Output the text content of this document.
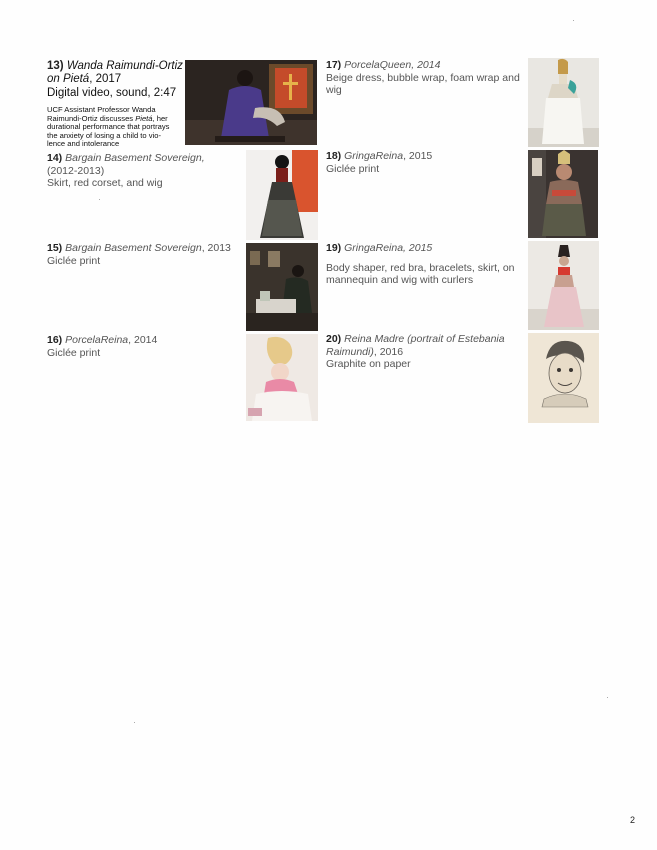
13) Wanda Raimundi-Ortiz on Pietá, 2017
Digital video, sound, 2:47
UCF Assistant Professor Wanda Raimundi-Ortiz discusses Pietá, her durational performance that portrays the anxiety of losing a child to vio-lence and intolerance
14) Bargain Basement Sovereign,
(2012-2013)
Skirt, red corset, and wig
15) Bargain Basement Sovereign, 2013
Giclée print
16) PorcelaReina, 2014
Giclée print
17) PorcelaQueen, 2014
Beige dress, bubble wrap, foam wrap and wig
18) GringaReina, 2015
Giclée print
19) GringaReina, 2015
Body shaper, red bra, bracelets, skirt, on mannequin and wig with curlers
20) Reina Madre (portrait of Estebania Raimundi), 2016
Graphite on paper
2
